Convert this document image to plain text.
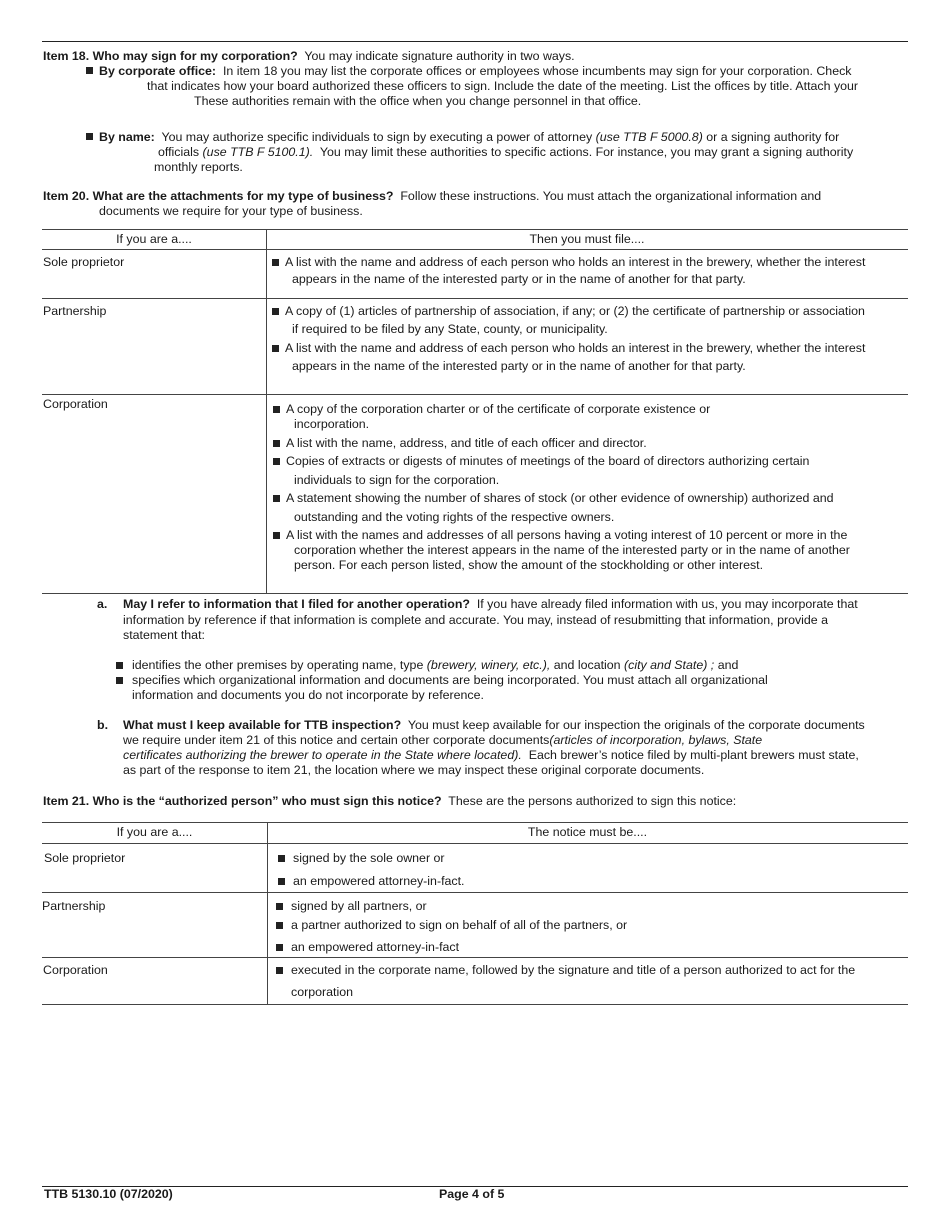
Item 18. Who may sign for my corporation? You may indicate signature authority in two ways.
By corporate office: In item 18 you may list the corporate offices or employees whose incumbents may sign for your corporation. Check
that indicates how your board authorized these officers to sign. Include the date of the meeting. List the offices by title. Attach your
These authorities remain with the office when you change personnel in that office.
By name: You may authorize specific individuals to sign by executing a power of attorney (use TTB F 5000.8) or a signing authority for
officials (use TTB F 5100.1). You may limit these authorities to specific actions. For instance, you may grant a signing authority
monthly reports.
Item 20. What are the attachments for my type of business? Follow these instructions. You must attach the organizational information and
documents we require for your type of business.
If you are a....	Then you must file....
Sole proprietor	A list with the name and address of each person who holds an interest in the brewery, whether the interest
appears in the name of the interested party or in the name of another for that party.
Partnership	A copy of (1) articles of partnership of association, if any; or (2) the certificate of partnership or association
if required to be filed by any State, county, or municipality.
A list with the name and address of each person who holds an interest in the brewery, whether the interest
appears in the name of the interested party or in the name of another for that party.
Corporation	A copy of the corporation charter or of the certificate of corporate existence or
incorporation.
A list with the name, address, and title of each officer and director.
Copies of extracts or digests of minutes of meetings of the board of directors authorizing certain
individuals to sign for the corporation.
A statement showing the number of shares of stock (or other evidence of ownership) authorized and
outstanding and the voting rights of the respective owners.
A list with the names and addresses of all persons having a voting interest of 10 percent or more in the
corporation whether the interest appears in the name of the interested party or in the name of another
person. For each person listed, show the amount of the stockholding or other interest.
a. May I refer to information that I filed for another operation? If you have already filed information with us, you may incorporate that
information by reference if that information is complete and accurate. You may, instead of resubmitting that information, provide a
statement that:
identifies the other premises by operating name, type (brewery, winery, etc.), and location (city and State) ; and
specifies which organizational information and documents are being incorporated. You must attach all organizational
information and documents you do not incorporate by reference.
b. What must I keep available for TTB inspection? You must keep available for our inspection the originals of the corporate documents
we require under item 21 of this notice and certain other corporate documents(articles of incorporation, bylaws, State
certificates authorizing the brewer to operate in the State where located). Each brewer’s notice filed by multi-plant brewers must state,
as part of the response to item 21, the location where we may inspect these original corporate documents.
Item 21. Who is the “authorized person” who must sign this notice? These are the persons authorized to sign this notice:
If you are a....	The notice must be....
Sole proprietor	signed by the sole owner or
an empowered attorney-in-fact.
Partnership	signed by all partners, or
a partner authorized to sign on behalf of all of the partners, or
an empowered attorney-in-fact
Corporation	executed in the corporate name, followed by the signature and title of a person authorized to act for the
corporation
TTB 5130.10 (07/2020)	Page 4 of 5
